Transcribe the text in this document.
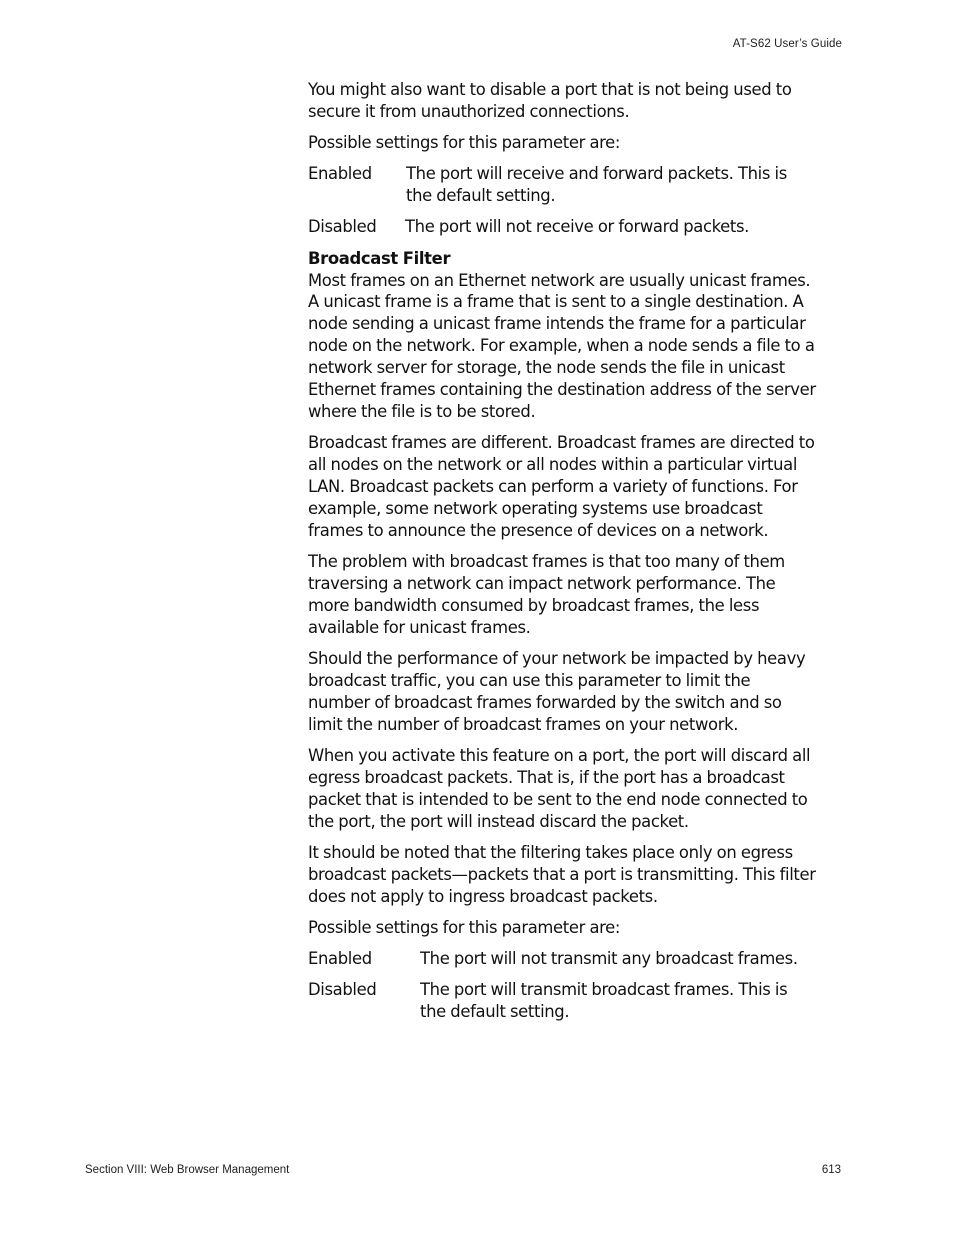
AT-S62 User’s Guide

You might also want to disable a port that is not being used to secure it from unauthorized connections.

Possible settings for this parameter are:

Enabled	The port will receive and forward packets. This is the default setting.
Disabled	The port will not receive or forward packets.
Broadcast Filter

Most frames on an Ethernet network are usually unicast frames. A unicast frame is a frame that is sent to a single destination. A node sending a unicast frame intends the frame for a particular node on the network. For example, when a node sends a file to a network server for storage, the node sends the file in unicast Ethernet frames containing the destination address of the server where the file is to be stored.

Broadcast frames are different. Broadcast frames are directed to all nodes on the network or all nodes within a particular virtual LAN. Broadcast packets can perform a variety of functions. For example, some network operating systems use broadcast frames to announce the presence of devices on a network.

The problem with broadcast frames is that too many of them traversing a network can impact network performance. The more bandwidth consumed by broadcast frames, the less available for unicast frames.

Should the performance of your network be impacted by heavy broadcast traffic, you can use this parameter to limit the number of broadcast frames forwarded by the switch and so limit the number of broadcast frames on your network.

When you activate this feature on a port, the port will discard all egress broadcast packets. That is, if the port has a broadcast packet that is intended to be sent to the end node connected to the port, the port will instead discard the packet.

It should be noted that the filtering takes place only on egress broadcast packets—packets that a port is transmitting. This filter does not apply to ingress broadcast packets.

Possible settings for this parameter are:

Enabled	The port will not transmit any broadcast frames.
Disabled	The port will transmit broadcast frames. This is the default setting.
Section VIII: Web Browser Management	613
